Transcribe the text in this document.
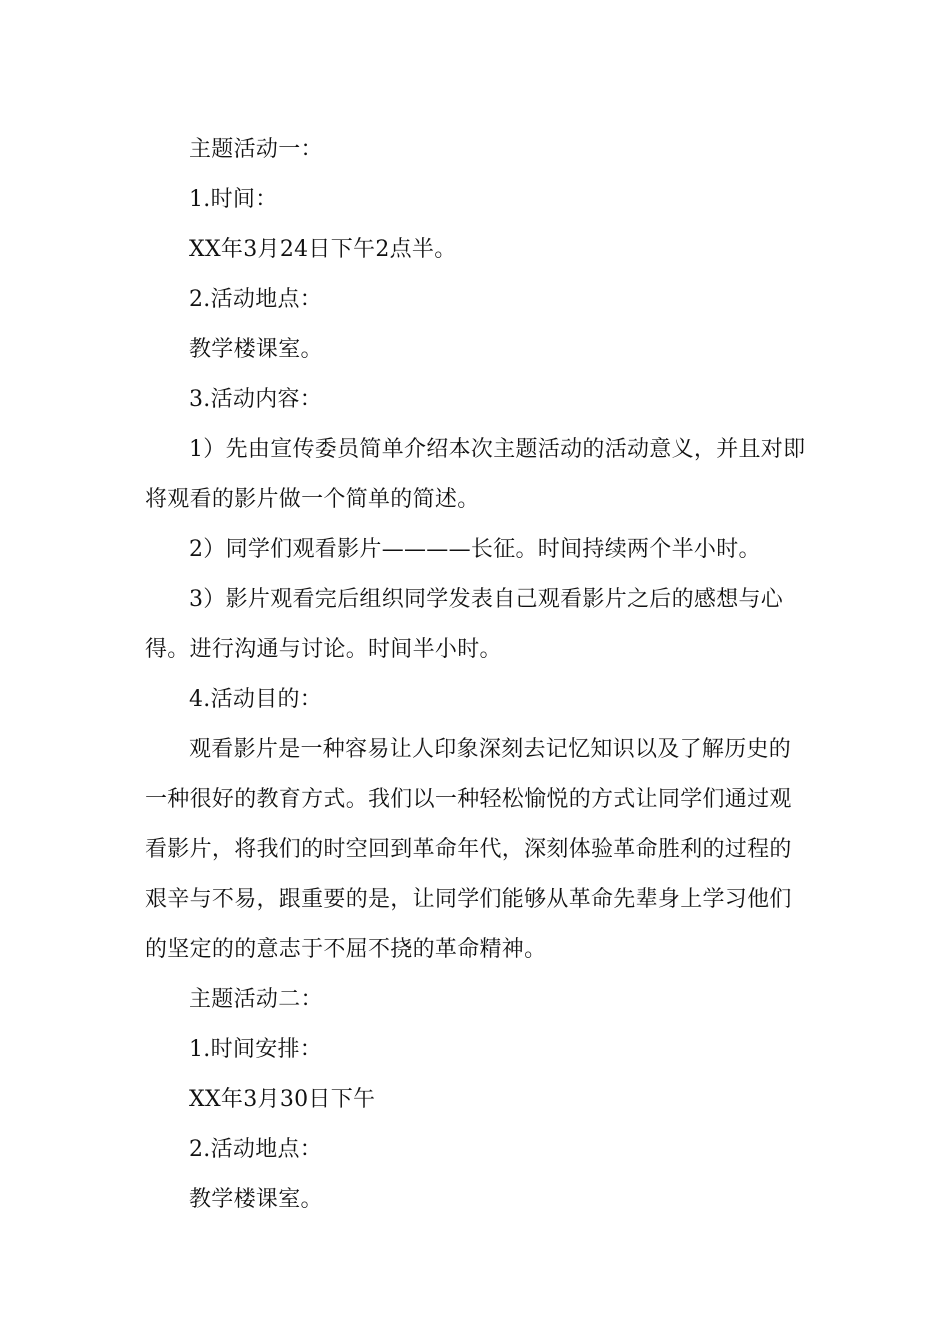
主题活动一：

1.时间：

XX年3月24日下午2点半。

2.活动地点：

教学楼课室。

3.活动内容：

1）先由宣传委员简单介绍本次主题活动的活动意义，并且对即将观看的影片做一个简单的简述。

2）同学们观看影片————长征。时间持续两个半小时。

3）影片观看完后组织同学发表自己观看影片之后的感想与心得。进行沟通与讨论。时间半小时。

4.活动目的：

观看影片是一种容易让人印象深刻去记忆知识以及了解历史的一种很好的教育方式。我们以一种轻松愉悦的方式让同学们通过观看影片，将我们的时空回到革命年代，深刻体验革命胜利的过程的艰辛与不易，跟重要的是，让同学们能够从革命先辈身上学习他们的坚定的的意志于不屈不挠的革命精神。

主题活动二：

1.时间安排：

XX年3月30日下午

2.活动地点：

教学楼课室。
